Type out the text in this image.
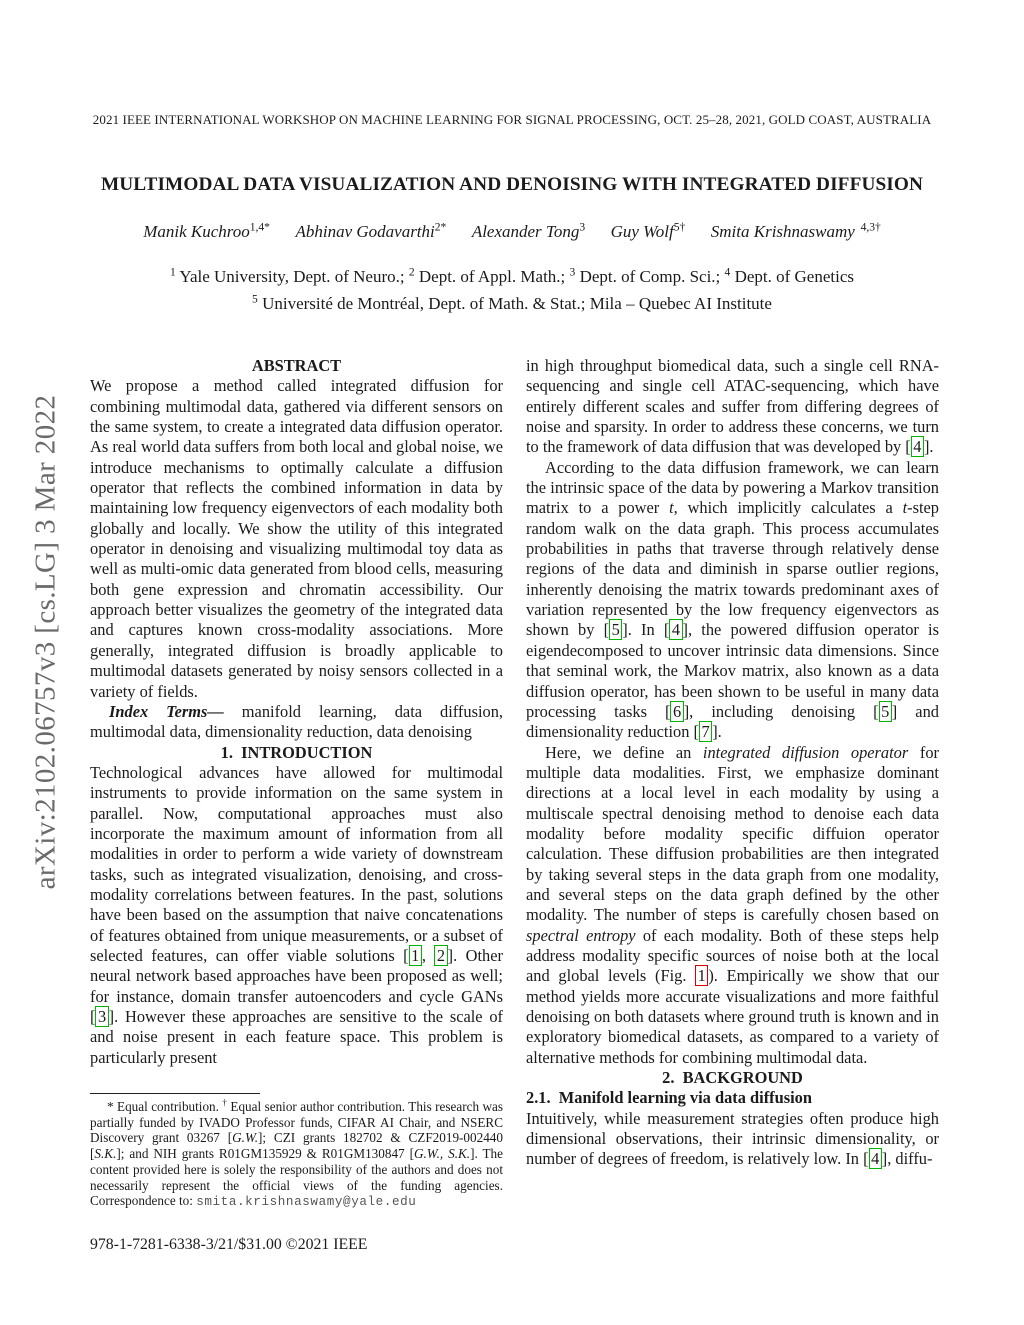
arXiv:2102.06757v3 [cs.LG] 3 Mar 2022
2021 IEEE INTERNATIONAL WORKSHOP ON MACHINE LEARNING FOR SIGNAL PROCESSING, OCT. 25–28, 2021, GOLD COAST, AUSTRALIA
MULTIMODAL DATA VISUALIZATION AND DENOISING WITH INTEGRATED DIFFUSION
Manik Kuchroo$^{1,4*}$   Abhinav Godavarthi$^{2*}$   Alexander Tong$^3$   Guy Wolf$^{5\dagger}$   Smita Krishnaswamy $^{4,3\dagger}$
$^1$ Yale University, Dept. of Neuro.; $^2$ Dept. of Appl. Math.; $^3$ Dept. of Comp. Sci.; $^4$ Dept. of Genetics
$^5$ Université de Montréal, Dept. of Math. & Stat.; Mila – Quebec AI Institute

ABSTRACT

We propose a method called integrated diffusion for combining multimodal data, gathered via different sensors on the same system, to create a integrated data diffusion operator. As real world data suffers from both local and global noise, we introduce mechanisms to optimally calculate a diffusion operator that reflects the combined information in data by maintaining low frequency eigenvectors of each modality both globally and locally. We show the utility of this integrated operator in denoising and visualizing multimodal toy data as well as multi-omic data generated from blood cells, measuring both gene expression and chromatin accessibility. Our approach better visualizes the geometry of the integrated data and captures known cross-modality associations. More generally, integrated diffusion is broadly applicable to multimodal datasets generated by noisy sensors collected in a variety of fields.

Index Terms— manifold learning, data diffusion, multimodal data, dimensionality reduction, data denoising

1. INTRODUCTION

Technological advances have allowed for multimodal instruments to provide information on the same system in parallel. Now, computational approaches must also incorporate the maximum amount of information from all modalities in order to perform a wide variety of downstream tasks, such as integrated visualization, denoising, and cross-modality correlations between features. In the past, solutions have been based on the assumption that naive concatenations of features obtained from unique measurements, or a subset of selected features, can offer viable solutions [ 1 , 2 ]. Other neural network based approaches have been proposed as well; for instance, domain transfer autoencoders and cycle GANs [ 3 ]. However these approaches are sensitive to the scale of and noise present in each feature space. This problem is particularly present

in high throughput biomedical data, such a single cell RNA-sequencing and single cell ATAC-sequencing, which have entirely different scales and suffer from differing degrees of noise and sparsity. In order to address these concerns, we turn to the framework of data diffusion that was developed by [ 4 ].

According to the data diffusion framework, we can learn the intrinsic space of the data by powering a Markov transition matrix to a power t, which implicitly calculates a t-step random walk on the data graph. This process accumulates probabilities in paths that traverse through relatively dense regions of the data and diminish in sparse outlier regions, inherently denoising the matrix towards predominant axes of variation represented by the low frequency eigenvectors as shown by [ 5 ]. In [ 4 ], the powered diffusion operator is eigendecomposed to uncover intrinsic data dimensions. Since that seminal work, the Markov matrix, also known as a data diffusion operator, has been shown to be useful in many data processing tasks [ 6 ], including denoising [ 5 ] and dimensionality reduction [ 7 ].

Here, we define an integrated diffusion operator for multiple data modalities. First, we emphasize dominant directions at a local level in each modality by using a multiscale spectral denoising method to denoise each data modality before modality specific diffuion operator calculation. These diffusion probabilities are then integrated by taking several steps in the data graph from one modality, and several steps on the data graph defined by the other modality. The number of steps is carefully chosen based on spectral entropy of each modality. Both of these steps help address modality specific sources of noise both at the local and global levels (Fig. 1 ). Empirically we show that our method yields more accurate visualizations and more faithful denoising on both datasets where ground truth is known and in exploratory biomedical datasets, as compared to a variety of alternative methods for combining multimodal data.

2. BACKGROUND

2.1. Manifold learning via data diffusion

Intuitively, while measurement strategies often produce high dimensional observations, their intrinsic dimensionality, or number of degrees of freedom, is relatively low. In [ 4 ], diffu-

* Equal contribution. † Equal senior author contribution. This research was partially funded by IVADO Professor funds, CIFAR AI Chair, and NSERC Discovery grant 03267 [G.W.]; CZI grants 182702 & CZF2019-002440 [S.K.]; and NIH grants R01GM135929 & R01GM130847 [G.W., S.K.]. The content provided here is solely the responsibility of the authors and does not necessarily represent the official views of the funding agencies. Correspondence to: smita.krishnaswamy@yale.edu

978-1-7281-6338-3/21/$31.00 ©2021 IEEE
